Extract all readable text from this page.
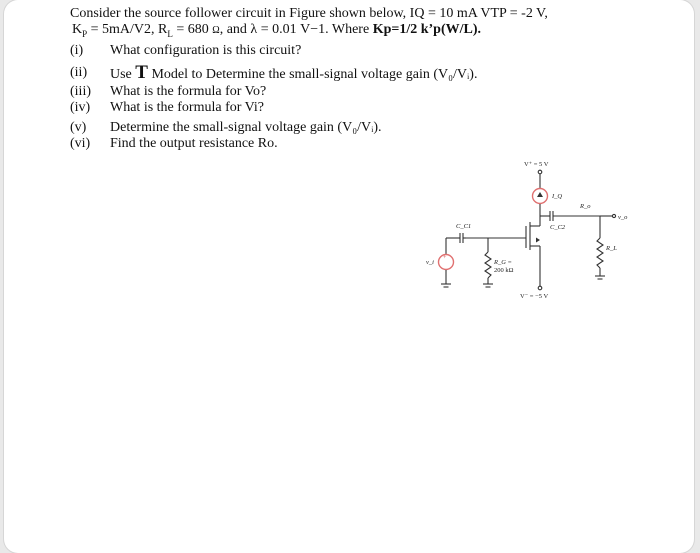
Consider the source follower circuit in Figure shown below, IQ = 10 mA VTP = -2 V,
$K_P = 5mA/V2$, $R_L = 680$ Ω, and λ = 0.01 V−1. Where Kp=1/2 k’p(W/L).
(i)	What configuration is this circuit?
(ii)	Use T Model to Determine the small-signal voltage gain (V₀/Vᵢ).
(iii)	What is the formula for Vo?
(iv)	What is the formula for Vi?
(v)	Determine the small-signal voltage gain (V₀/Vᵢ).
(vi)	Find the output resistance Ro.
+
V⁺ = 5 V
I_Q
R_o
C_C2
C_C1
R_G =
200 kΩ
R_L
v_i
v_o
V⁻ = −5 V
